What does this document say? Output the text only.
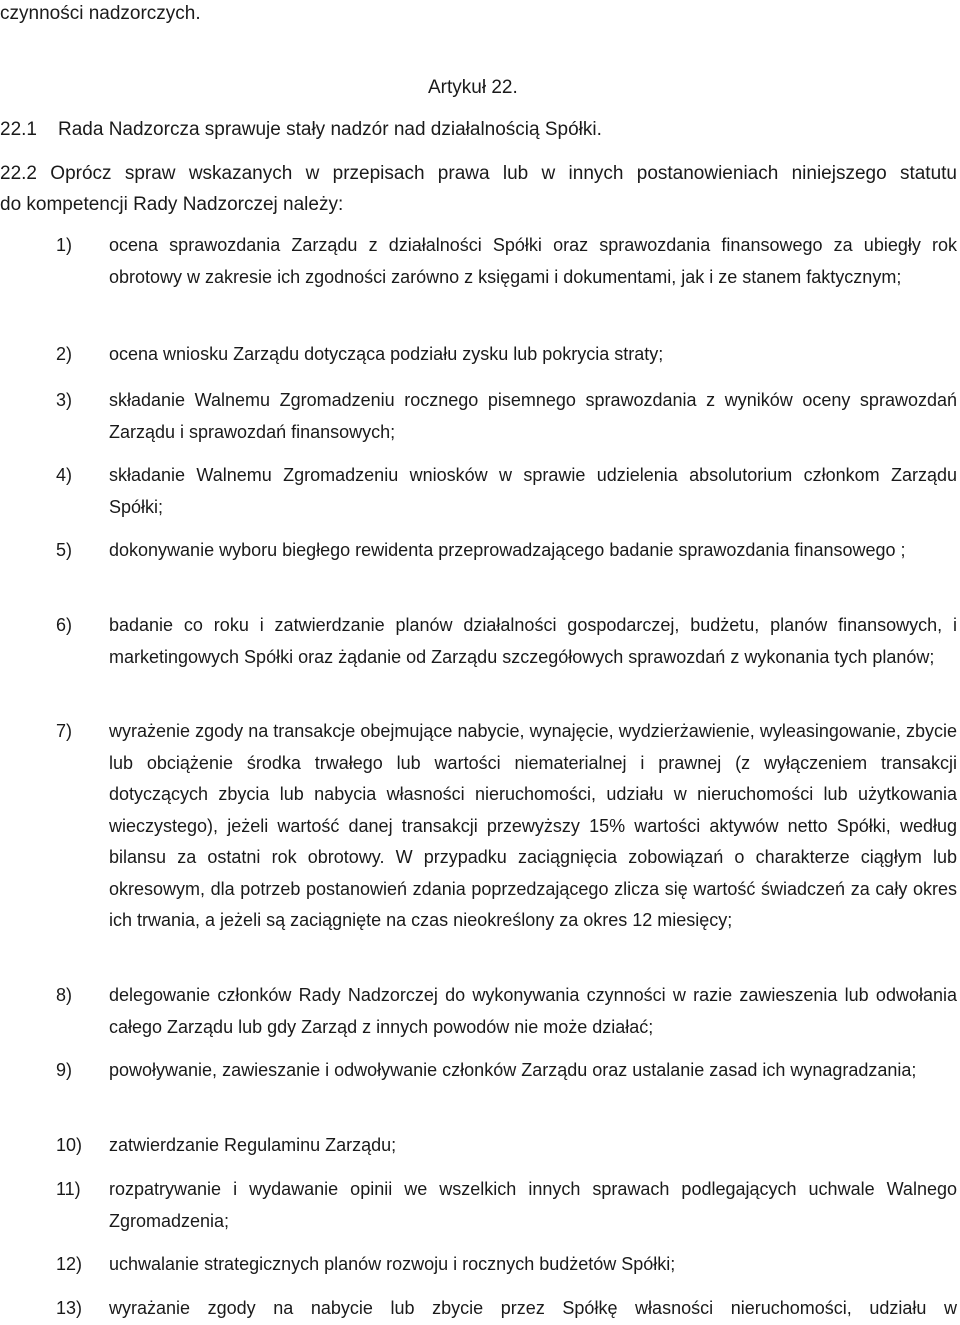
czynności nadzorczych.
Artykuł 22.
22.1 Rada Nadzorcza sprawuje stały nadzór nad działalnością Spółki.
22.2 Oprócz spraw wskazanych w przepisach prawa lub w innych postanowieniach niniejszego statutu
do kompetencji Rady Nadzorczej należy:
1) ocena sprawozdania Zarządu z działalności Spółki oraz sprawozdania finansowego za ubiegły rok obrotowy w zakresie ich zgodności zarówno z księgami i dokumentami, jak i ze stanem faktycznym;
2) ocena wniosku Zarządu dotycząca podziału zysku lub pokrycia straty;
3) składanie Walnemu Zgromadzeniu rocznego pisemnego sprawozdania z wyników oceny sprawozdań Zarządu i sprawozdań finansowych;
4) składanie Walnemu Zgromadzeniu wniosków w sprawie udzielenia absolutorium członkom Zarządu Spółki;
5) dokonywanie wyboru biegłego rewidenta przeprowadzającego badanie sprawozdania finansowego ;
6) badanie co roku i zatwierdzanie planów działalności gospodarczej, budżetu, planów finansowych, i marketingowych Spółki oraz żądanie od Zarządu szczegółowych sprawozdań z wykonania tych planów;
7) wyrażenie zgody na transakcje obejmujące nabycie, wynajęcie, wydzierżawienie, wyleasingowanie, zbycie lub obciążenie środka trwałego lub wartości niematerialnej i prawnej (z wyłączeniem transakcji dotyczących zbycia lub nabycia własności nieruchomości, udziału w nieruchomości lub użytkowania wieczystego), jeżeli wartość danej transakcji przewyższy 15% wartości aktywów netto Spółki, według bilansu za ostatni rok obrotowy. W przypadku zaciągnięcia zobowiązań o charakterze ciągłym lub okresowym, dla potrzeb postanowień zdania poprzedzającego zlicza się wartość świadczeń za cały okres ich trwania, a jeżeli są zaciągnięte na czas nieokreślony za okres 12 miesięcy;
8) delegowanie członków Rady Nadzorczej do wykonywania czynności w razie zawieszenia lub odwołania całego Zarządu lub gdy Zarząd z innych powodów nie może działać;
9) powoływanie, zawieszanie i odwoływanie członków Zarządu oraz ustalanie zasad ich wynagradzania;
10) zatwierdzanie Regulaminu Zarządu;
11) rozpatrywanie i wydawanie opinii we wszelkich innych sprawach podlegających uchwale Walnego Zgromadzenia;
12) uchwalanie strategicznych planów rozwoju i rocznych budżetów Spółki;
13) wyrażanie zgody na nabycie lub zbycie przez Spółkę własności nieruchomości, udziału w
